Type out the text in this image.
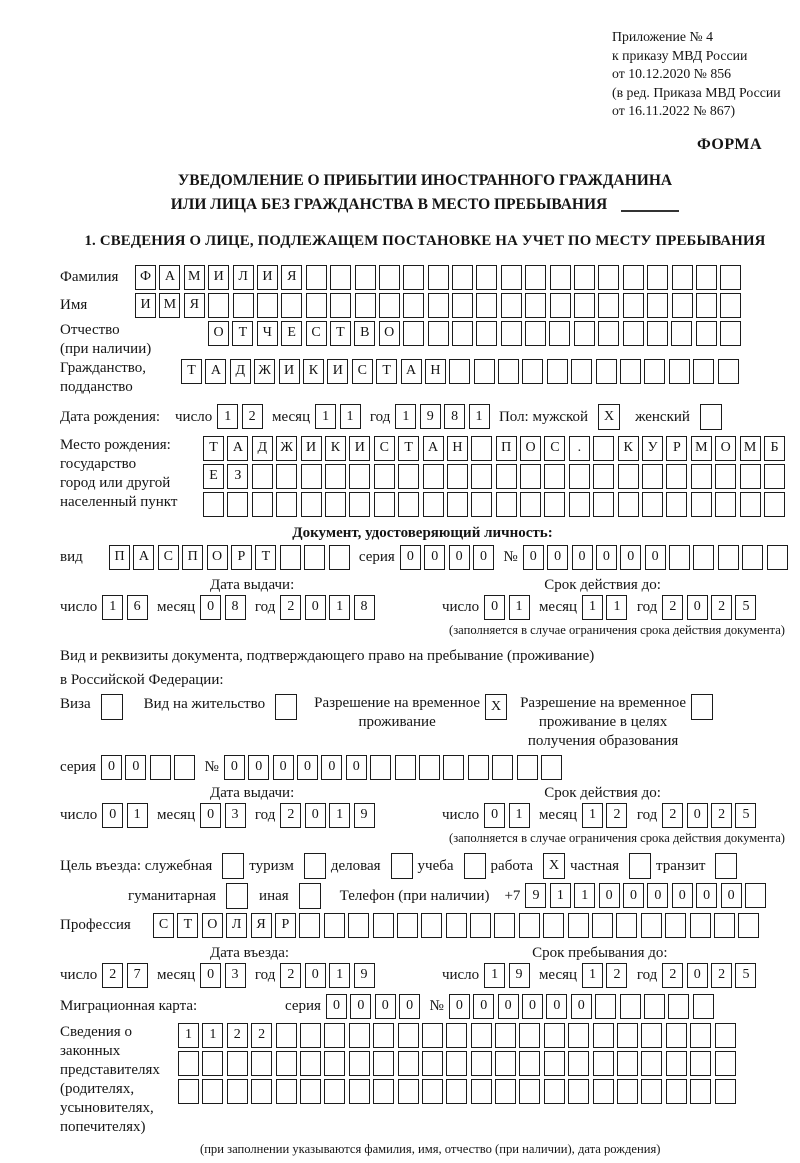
Приложение № 4
к приказу МВД России
от 10.12.2020 № 856
(в ред. Приказа МВД России
от 16.11.2022 № 867)
ФОРМА
УВЕДОМЛЕНИЕ О ПРИБЫТИИ ИНОСТРАННОГО ГРАЖДАНИНА
ИЛИ ЛИЦА БЕЗ ГРАЖДАНСТВА В МЕСТО ПРЕБЫВАНИЯ
1. СВЕДЕНИЯ О ЛИЦЕ, ПОДЛЕЖАЩЕМ ПОСТАНОВКЕ НА УЧЕТ ПО МЕСТУ ПРЕБЫВАНИЯ
Фамилия	Ф А М И	Л	И	Я
Имя	И М Я
Отчество
(при наличии)
О	Т	Ч	Е	С	Т	В	О
Гражданство,
подданство
Т	А	Д Ж И	К	И	С	Т	А	Н
Дата рождения: число 1	2	месяц 1	1	год 1	9	8	1	Пол: мужской	X	женский
Место рождения:
государство
город или другой
населенный пункт
Т	А	Д Ж И	К	И	С	Т	А	Н	П	О	С	.	К	У	Р	М О М	Б
Е	З
Документ, удостоверяющий личность:
вид	П	А	С	П	О	Р	Т	серия 0	0	0	0	№ 0	0	0	0	0	0
Дата выдачи:	Срок действия до:
число 1	6	месяц 0	8	год 2	0	1	8	число 0	1	месяц 1	1	год 2	0	2	5
(заполняется в случае ограничения срока действия документа)
Вид и реквизиты документа, подтверждающего право на пребывание (проживание)
в Российской Федерации:
Виза	Вид на жительство	Разрешение на временное
проживание
X	Разрешение на временное
проживание в целях
получения образования
серия 0	0	№ 0	0	0	0	0	0
Дата выдачи:	Срок действия до:
число 0	1	месяц 0	3	год 2	0	1	9	число 0	1	месяц 1	2	год 2	0	2	5
(заполняется в случае ограничения срока действия документа)
Цель въезда: служебная туризм деловая учеба работа	X частная транзит
гуманитарная	иная	Телефон (при наличии) +7 9	1	1	0	0	0	0	0	0
Профессия	С	Т	О	Л	Я	Р
Дата въезда:	Срок пребывания до:
число 2	7	месяц 0	3	год 2	0	1	9	число 1	9	месяц 1	2	год 2	0	2	5
Миграционная карта:	серия 0	0	0	0	№ 0	0	0	0	0	0
Сведения о
законных
представителях
(родителях,
усыновителях,
попечителях)
1	1	2	2
(при заполнении указываются фамилия, имя, отчество (при наличии), дата рождения)
